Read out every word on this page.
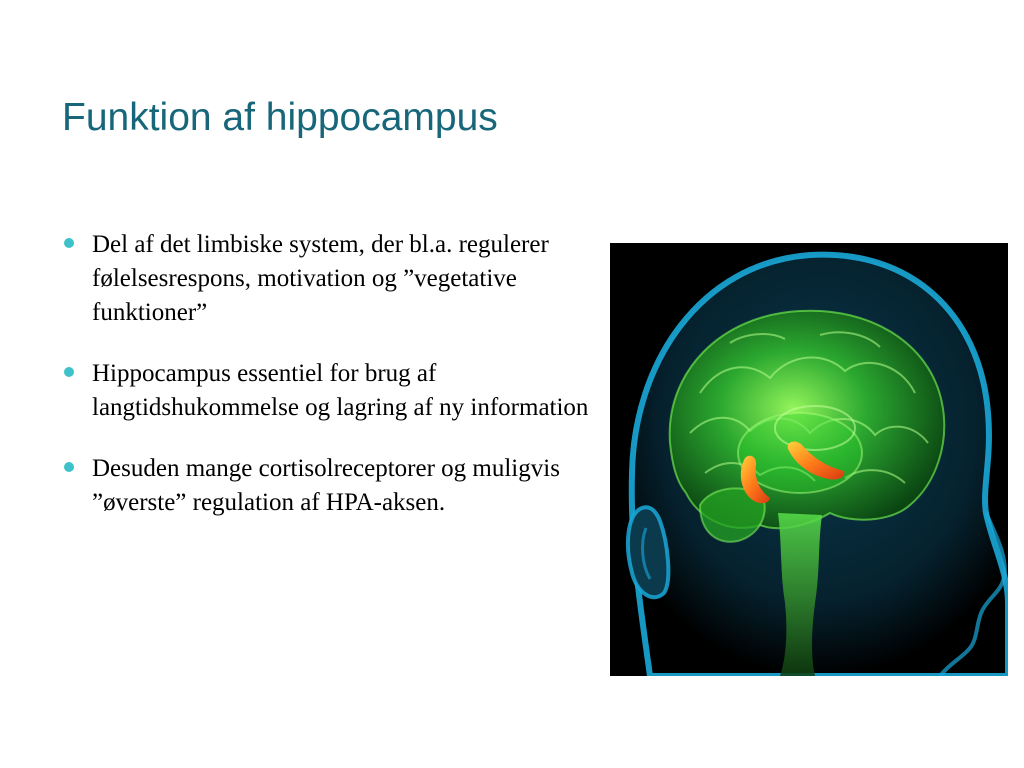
Funktion af hippocampus
Del af det limbiske system, der bl.a. regulerer følelsesrespons, motivation og ”vegetative funktioner”
Hippocampus essentiel for brug af langtidshukommelse og lagring af ny information
Desuden mange cortisolreceptorer og muligvis ”øverste” regulation af HPA-aksen.
